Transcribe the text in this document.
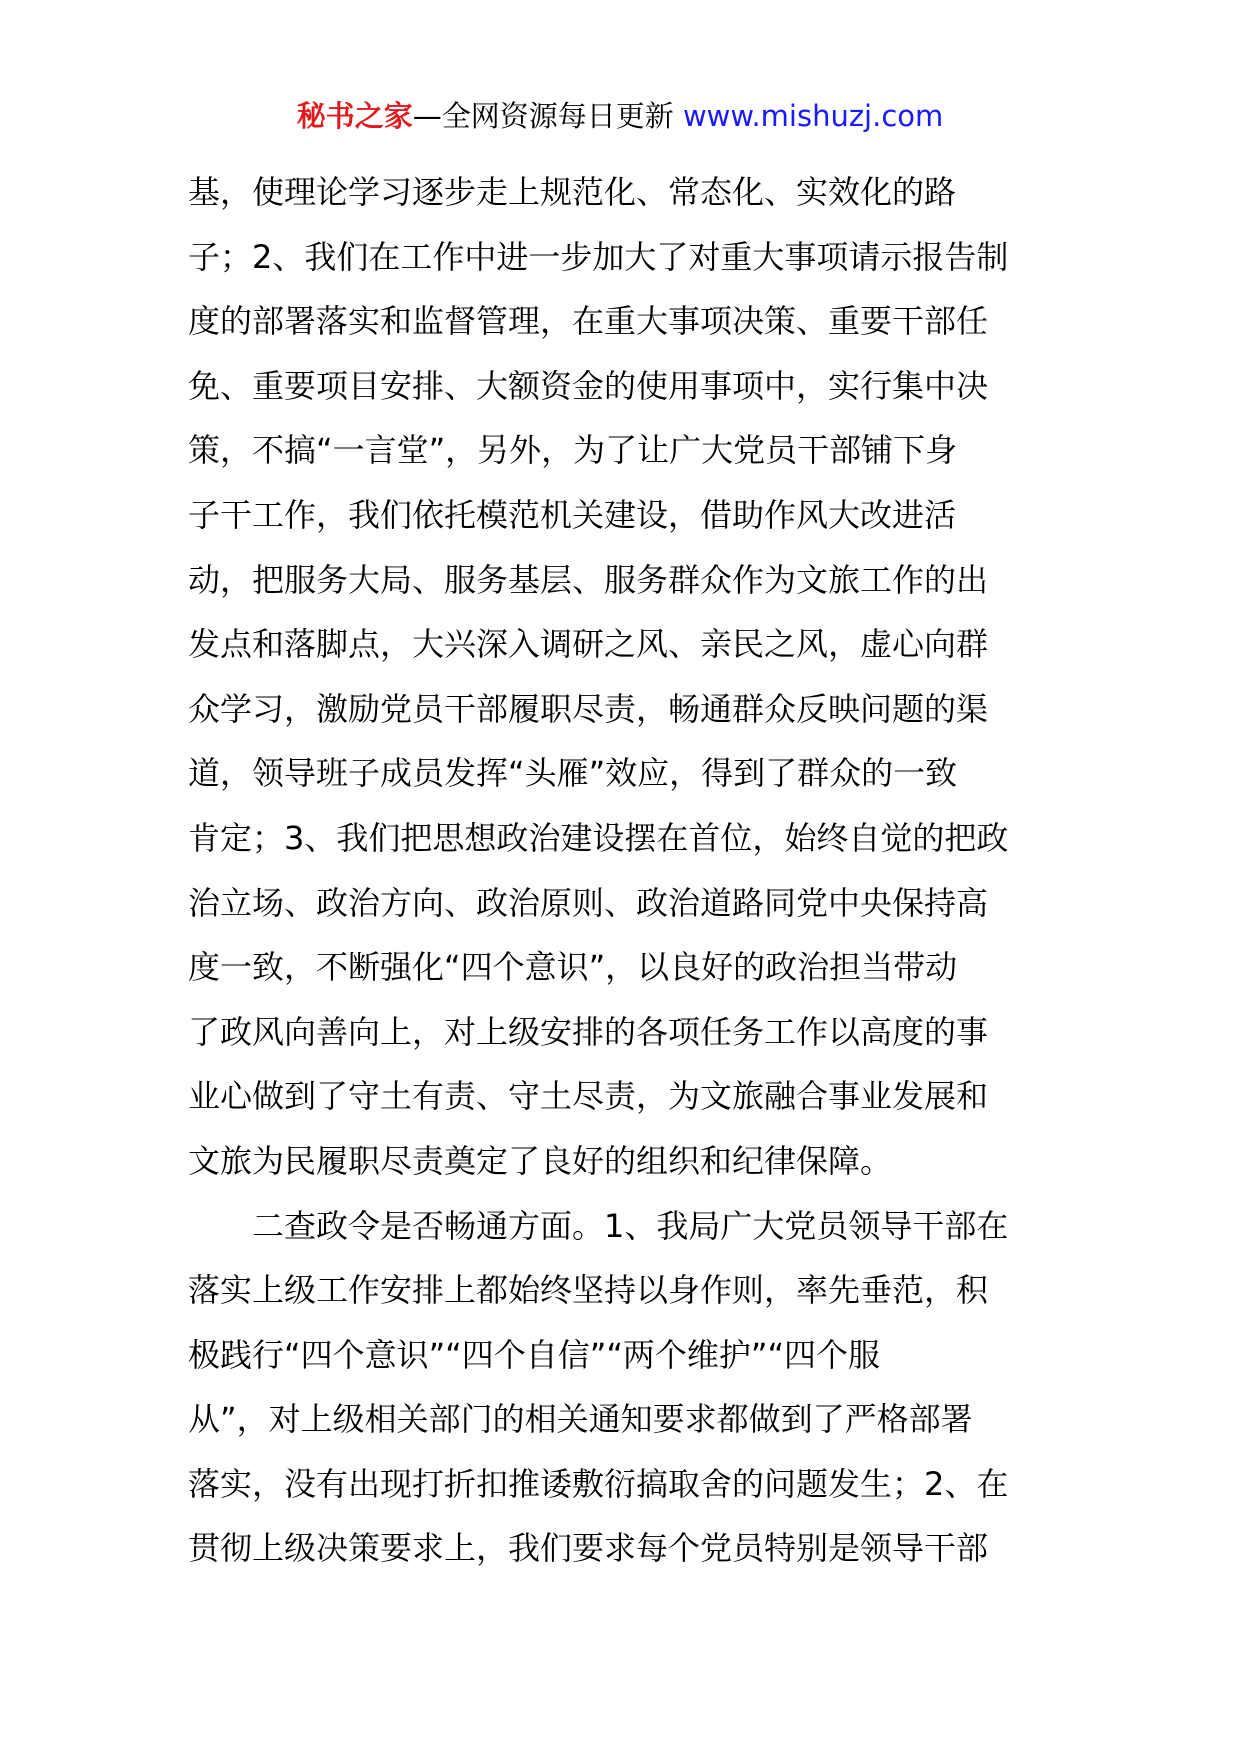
秘书之家—全网资源每日更新 www.mishuzj.com
基，使理论学习逐步走上规范化、常态化、实效化的路
子；2、我们在工作中进一步加大了对重大事项请示报告制
度的部署落实和监督管理，在重大事项决策、重要干部任
免、重要项目安排、大额资金的使用事项中，实行集中决
策，不搞“一言堂”，另外，为了让广大党员干部铺下身
子干工作，我们依托模范机关建设，借助作风大改进活
动，把服务大局、服务基层、服务群众作为文旅工作的出
发点和落脚点，大兴深入调研之风、亲民之风，虚心向群
众学习，激励党员干部履职尽责，畅通群众反映问题的渠
道，领导班子成员发挥“头雁”效应，得到了群众的一致
肯定；3、我们把思想政治建设摆在首位，始终自觉的把政
治立场、政治方向、政治原则、政治道路同党中央保持高
度一致，不断强化“四个意识”，以良好的政治担当带动
了政风向善向上，对上级安排的各项任务工作以高度的事
业心做到了守土有责、守土尽责，为文旅融合事业发展和
文旅为民履职尽责奠定了良好的组织和纪律保障。
二查政令是否畅通方面。1、我局广大党员领导干部在
落实上级工作安排上都始终坚持以身作则，率先垂范，积
极践行“四个意识”“四个自信”“两个维护”“四个服
从”，对上级相关部门的相关通知要求都做到了严格部署
落实，没有出现打折扣推诿敷衍搞取舍的问题发生；2、在
贯彻上级决策要求上，我们要求每个党员特别是领导干部
